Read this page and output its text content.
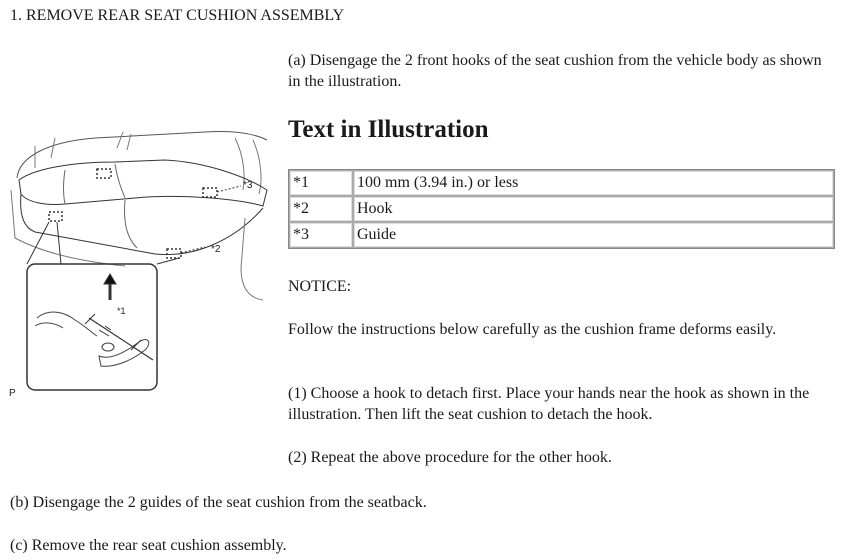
1. REMOVE REAR SEAT CUSHION ASSEMBLY
(a) Disengage the 2 front hooks of the seat cushion from the vehicle body as shown in the illustration.
Text in Illustration
*1	100 mm (3.94 in.) or less
*2	Hook
*3	Guide
NOTICE:
Follow the instructions below carefully as the cushion frame deforms easily.
(1) Choose a hook to detach first. Place your hands near the hook as shown in the illustration. Then lift the seat cushion to detach the hook.
(2) Repeat the above procedure for the other hook.
(b) Disengage the 2 guides of the seat cushion from the seatback.
(c) Remove the rear seat cushion assembly.
*1
*2
*3
P
